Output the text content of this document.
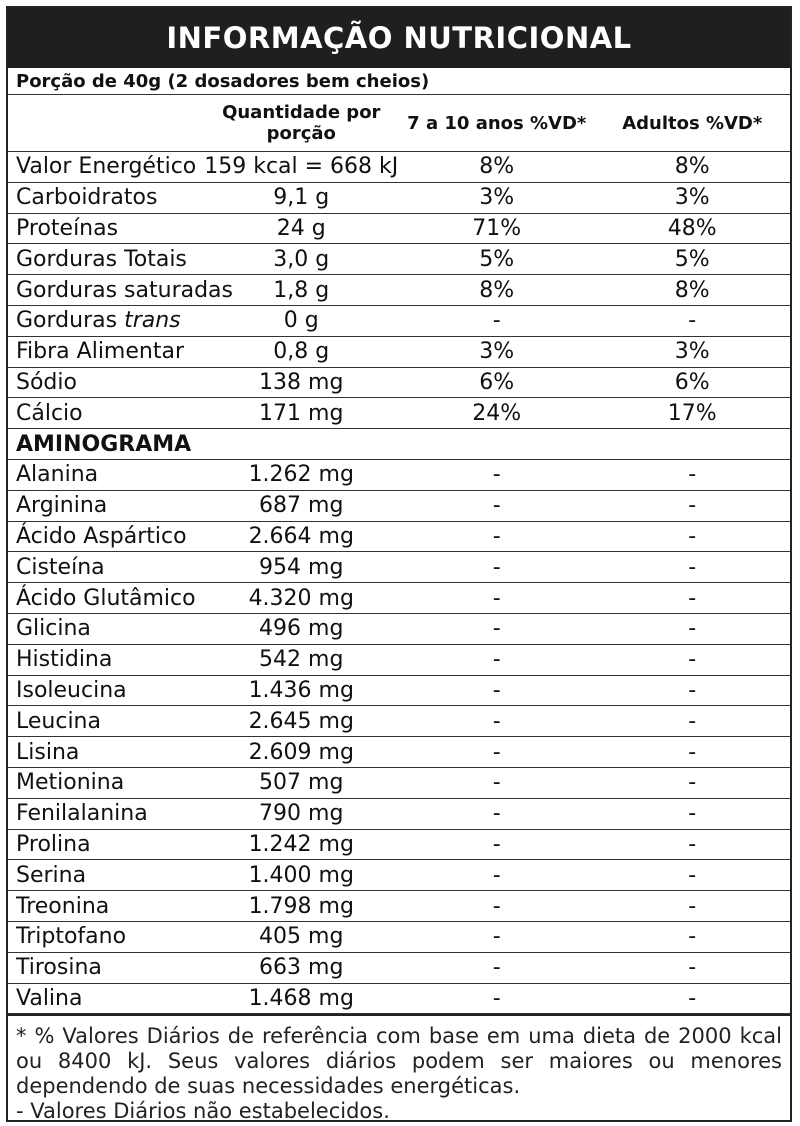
INFORMAÇÃO NUTRICIONAL
Porção de 40g (2 dosadores bem cheios)			

	Quantidade por porção	7 a 10 anos %VD*	Adultos %VD*

Valor Energético	159 kcal = 668 kJ	8%	8%
Carboidratos	9,1 g	3%	3%
Proteínas	24 g	71%	48%
Gorduras Totais	3,0 g	5%	5%
Gorduras saturadas	1,8 g	8%	8%
Gorduras trans	0 g	-	-
Fibra Alimentar	0,8 g	3%	3%
Sódio	138 mg	6%	6%
Cálcio	171 mg	24%	17%
AMINOGRAMA			
Alanina	1.262 mg	-	-
Arginina	687 mg	-	-
Ácido Aspártico	2.664 mg	-	-
Cisteína	954 mg	-	-
Ácido Glutâmico	4.320 mg	-	-
Glicina	496 mg	-	-
Histidina	542 mg	-	-
Isoleucina	1.436 mg	-	-
Leucina	2.645 mg	-	-
Lisina	2.609 mg	-	-
Metionina	507 mg	-	-
Fenilalanina	790 mg	-	-
Prolina	1.242 mg	-	-
Serina	1.400 mg	-	-
Treonina	1.798 mg	-	-
Triptofano	405 mg	-	-
Tirosina	663 mg	-	-
Valina	1.468 mg	-	-

* % Valores Diários de referência com base em uma dieta de 2000 kcal ou 8400 kJ. Seus valores diários podem ser maiores ou menores dependendo de suas necessidades energéticas.

- Valores Diários não estabelecidos.
